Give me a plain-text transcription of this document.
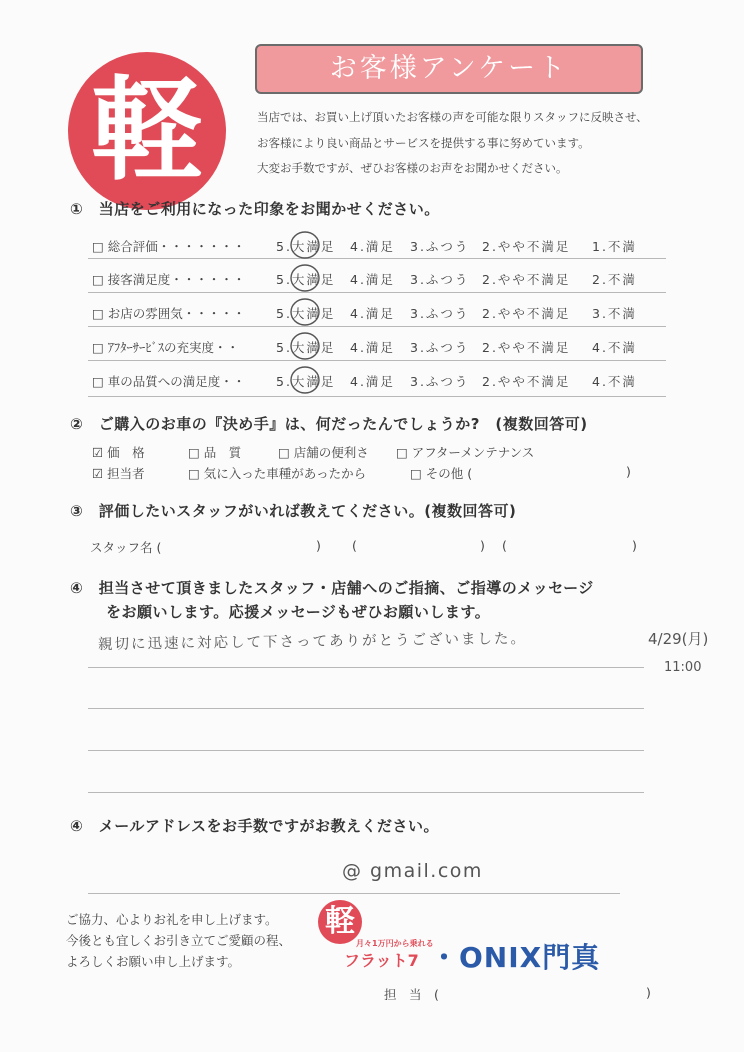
軽	お客様アンケート
当店では、お買い上げ頂いたお客様の声を可能な限りスタッフに反映させ、
お客様により良い商品とサービスを提供する事に努めています。
大変お手数ですが、ぜひお客様のお声をお聞かせください。
①　当店をご利用になった印象をお聞かせください。
□ 総合評価・・・・・・・ 5.大満足 4.満足 3.ふつう 2.やや不満足 1.不満
□ 接客満足度・・・・・・ 5.大満足 4.満足 3.ふつう 2.やや不満足 2.不満
□ お店の雰囲気・・・・・ 5.大満足 4.満足 3.ふつう 2.やや不満足 3.不満
□ ｱﾌﾀｰｻｰﾋﾞｽの充実度・・	5.大満足 4.満足 3.ふつう 2.やや不満足 4.不満
□ 車の品質への満足度・・ 5.大満足 4.満足 3.ふつう 2.やや不満足 4.不満
②　ご購入のお車の『決め手』は、何だったんでしょうか?　(複数回答可)
☑ 価　格	□ 品　質	□ 店舗の便利さ □ アフターメンテナンス
☑ 担当者	□ 気に入った車種があったから	□ その他 (	)
③　評価したいスタッフがいれば教えてください。(複数回答可)
スタッフ名 (	) (	) (	)
④　担当させて頂きましたスタッフ・店舗へのご指摘、ご指導のメッセージ
をお願いします。応援メッセージもぜひお願いします。
親切に迅速に対応して下さってありがとうございました。	4/29(月)
11:00
④　メールアドレスをお手数ですがお教えください。
@ gmail.com
ご協力、心よりお礼を申し上げます。
今後とも宜しくお引き立てご愛顧の程、
よろしくお願い申し上げます。
軽
月々1万円から乗れる
フラット7 ・ONIX門真
担　当　(	)
